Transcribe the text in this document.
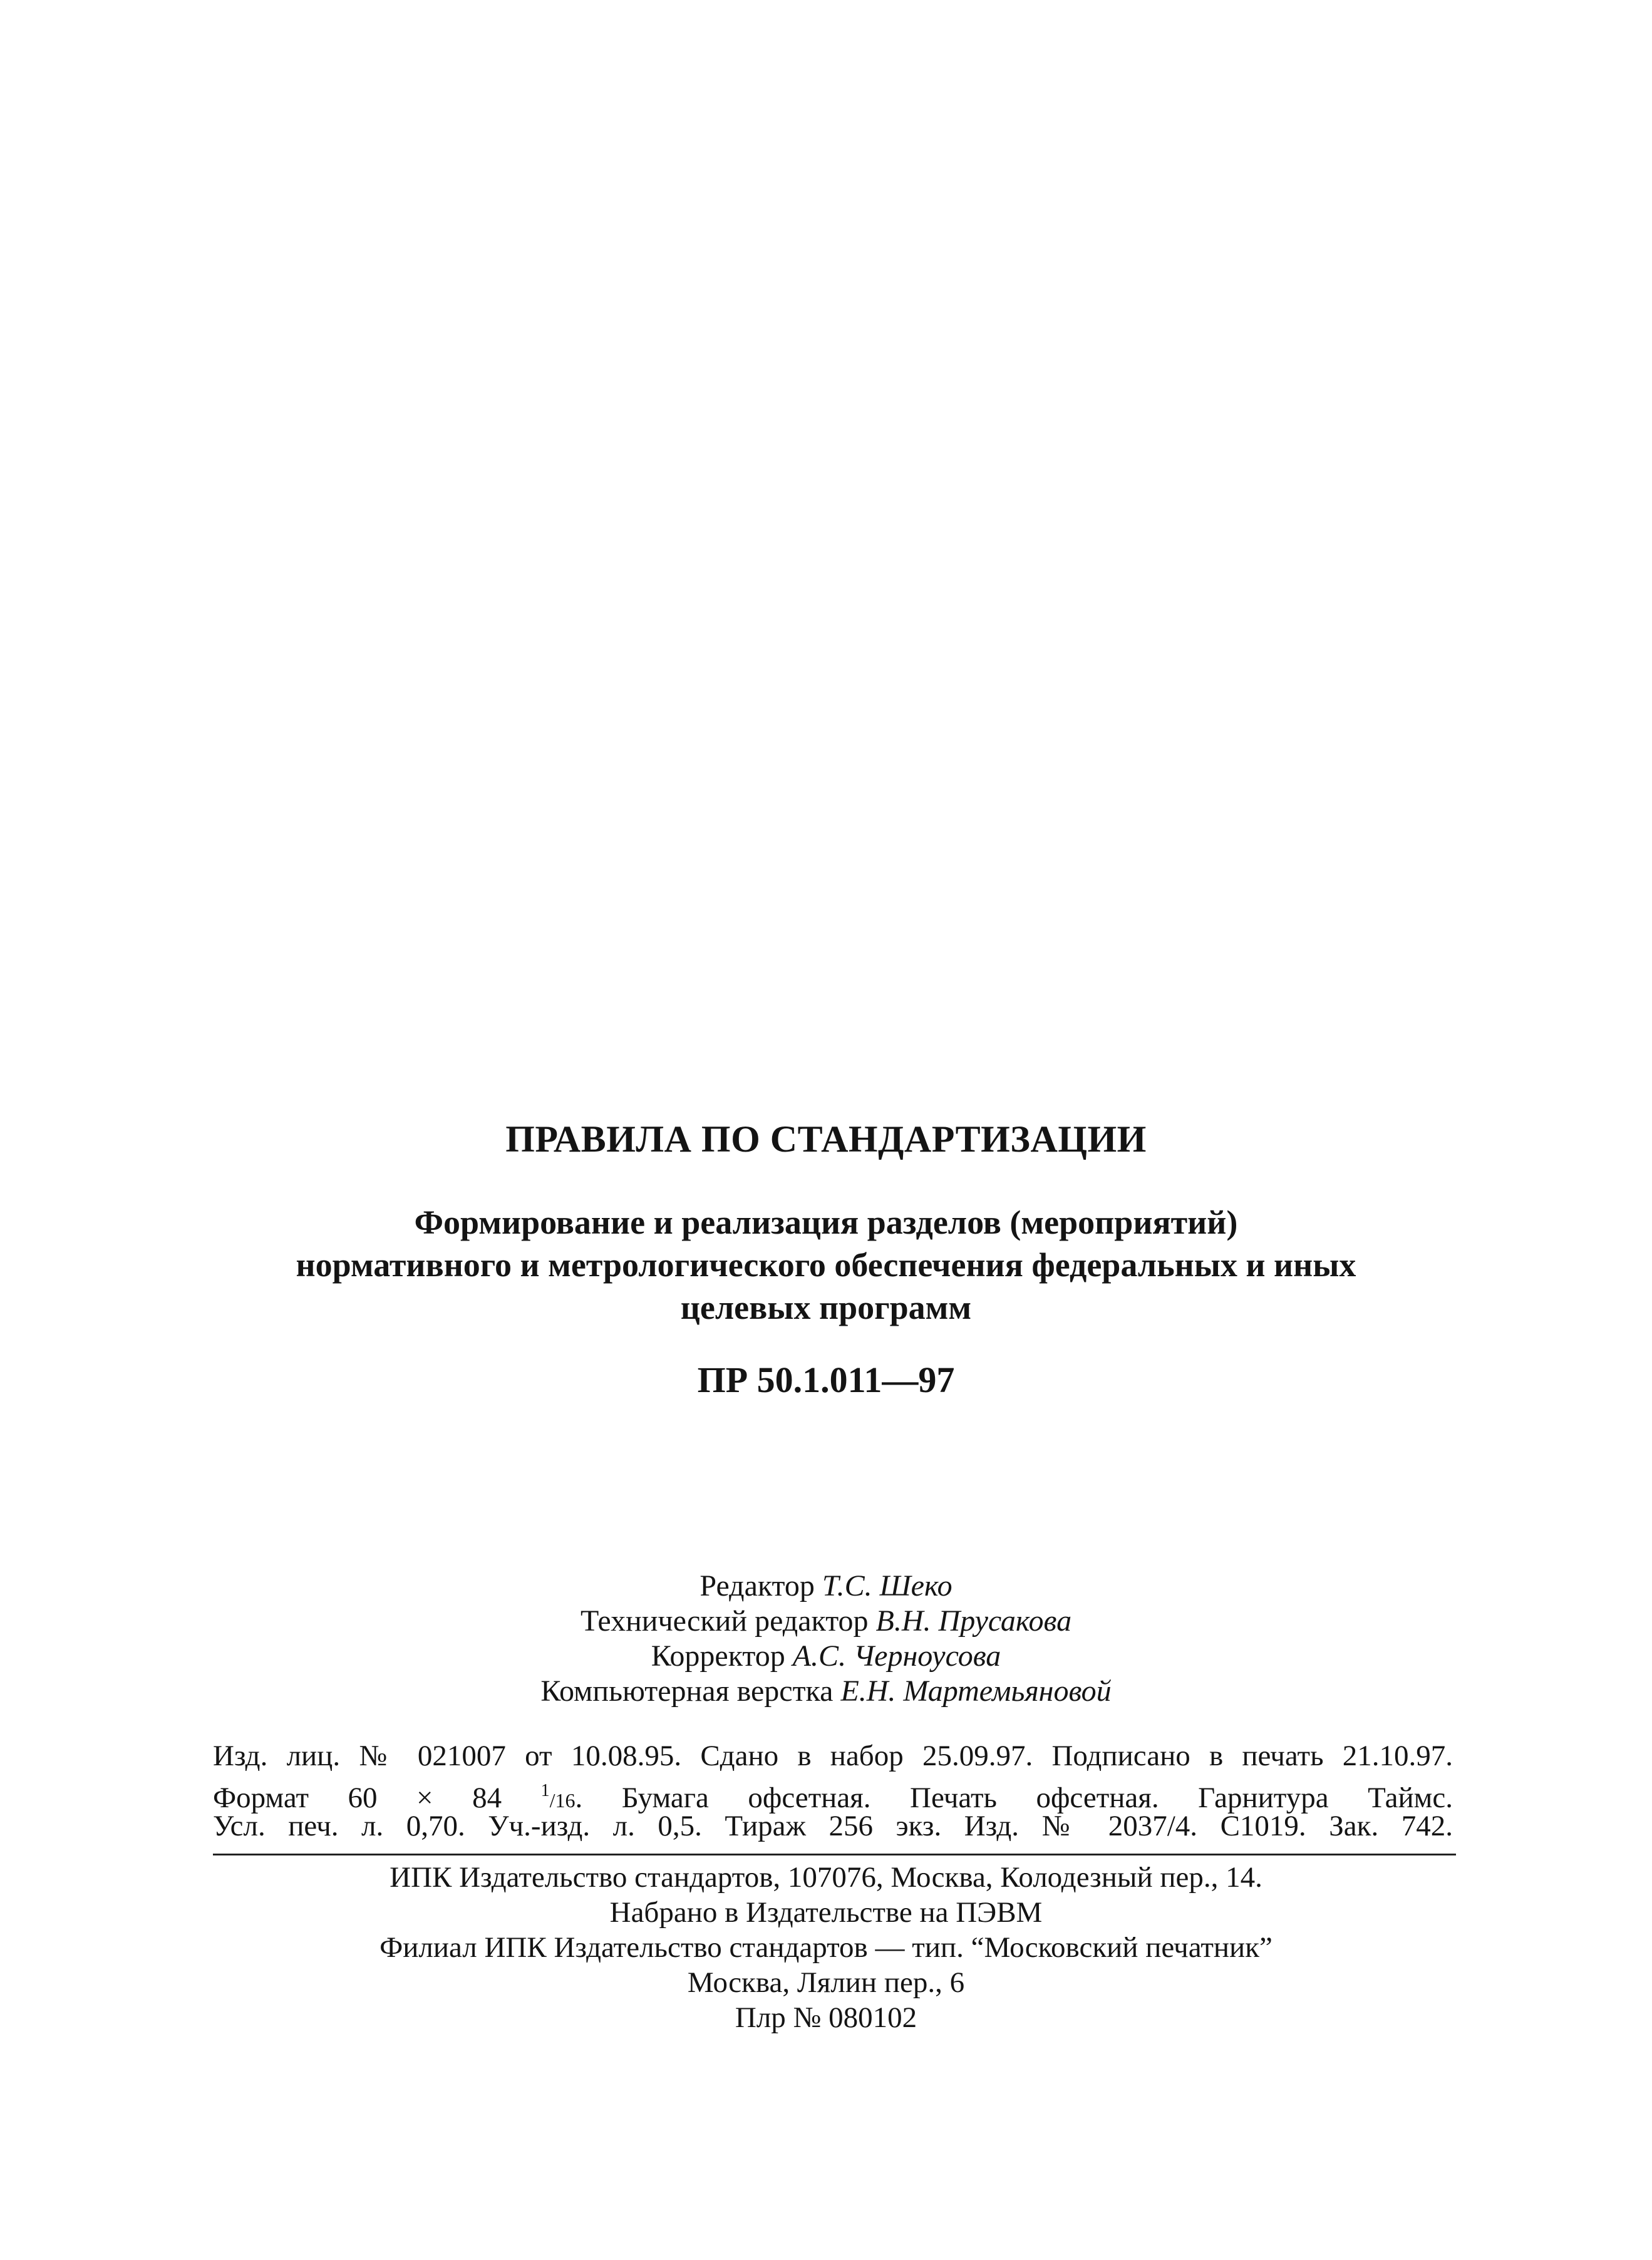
ПРАВИЛА ПО СТАНДАРТИЗАЦИИ
Формирование и реализация разделов (мероприятий)
нормативного и метрологического обеспечения федеральных и иных
целевых программ
ПР 50.1.011—97
Редактор Т.С. Шеко
Технический редактор В.Н. Прусакова
Корректор А.С. Черноусова
Компьютерная верстка Е.Н. Мартемьяновой
Изд. лиц. № 021007 от 10.08.95. Сдано в набор 25.09.97. Подписано в печать 21.10.97.
Формат 60 × 84 $^1$/16. Бумага офсетная. Печать офсетная. Гарнитура Таймс.
Усл. печ. л. 0,70. Уч.-изд. л. 0,5. Тираж 256 экз. Изд. № 2037/4. С1019. Зак. 742.
ИПК Издательство стандартов, 107076, Москва, Колодезный пер., 14.
Набрано в Издательстве на ПЭВМ
Филиал ИПК Издательство стандартов — тип. “Московский печатник”
Москва, Лялин пер., 6
Плр № 080102
